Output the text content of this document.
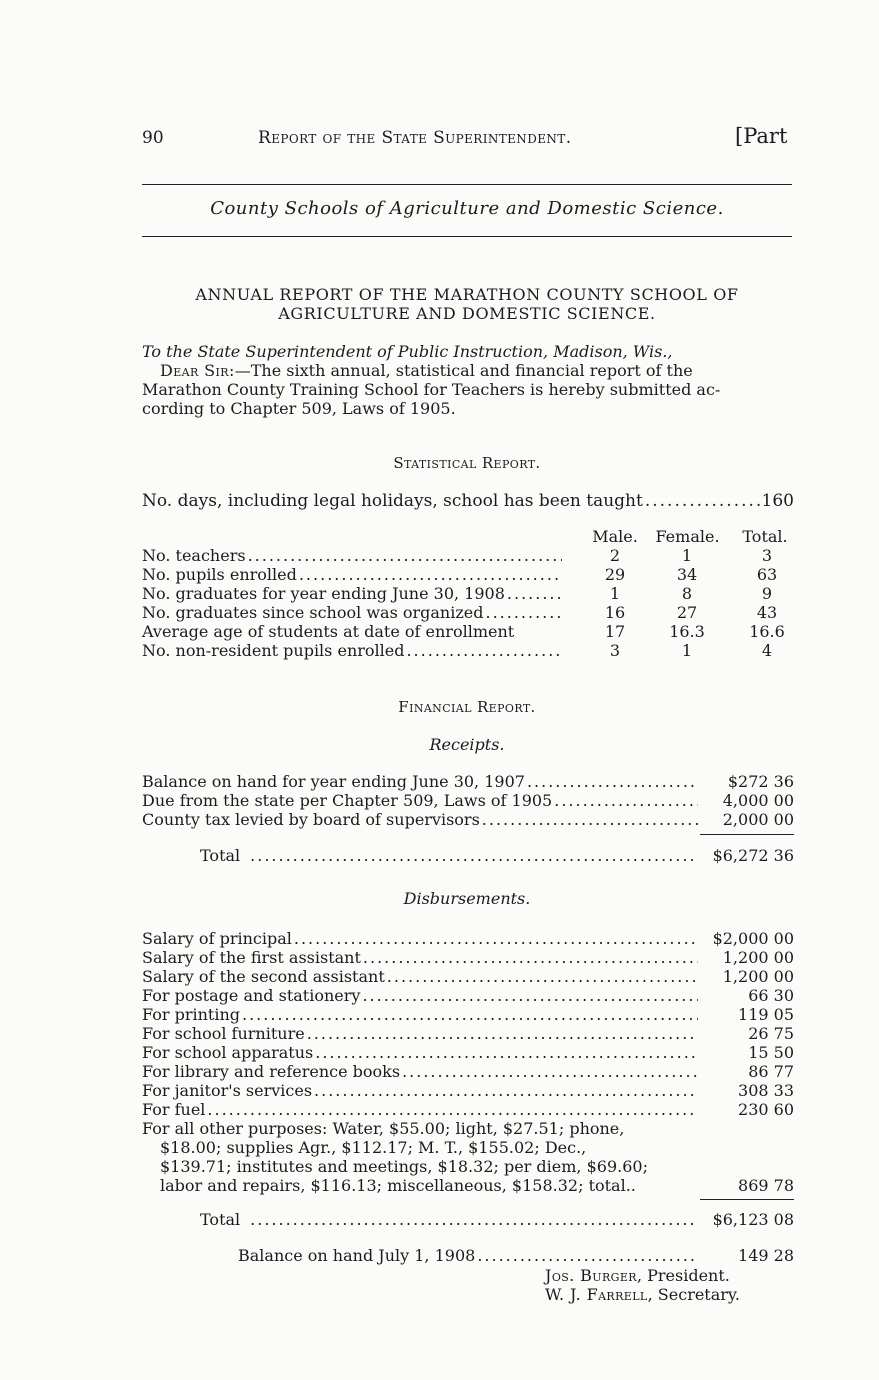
90	Report of the State Superintendent.	[Part
County Schools of Agriculture and Domestic Science.
ANNUAL REPORT OF THE MARATHON COUNTY SCHOOL OF
AGRICULTURE AND DOMESTIC SCIENCE.
To the State Superintendent of Public Instruction, Madison, Wis.,
Dear Sir:—The sixth annual, statistical and financial report of the
Marathon County Training School for Teachers is hereby submitted ac-
cording to Chapter 509, Laws of 1905.
Statistical Report.
No. days, including legal holidays, school has been taught .....	160
Male.	Female.	Total.
No. teachers .....	2	1	3
No. pupils enrolled .....	29	34	63
No. graduates for year ending June 30, 1908 .....	1	8	9
No. graduates since school was organized .....	16	27	43
Average age of students at date of enrollment	17	16.3	16.6
No. non-resident pupils enrolled .....	3	1	4
Financial Report.
Receipts.
Balance on hand for year ending June 30, 1907 .....	$272 36
Due from the state per Chapter 509, Laws of 1905 .....	4,000 00
County tax levied by board of supervisors .....	2,000 00
Total .....	$6,272 36
Disbursements.
Salary of principal .....	$2,000 00
Salary of the first assistant .....	1,200 00
Salary of the second assistant .....	1,200 00
For postage and stationery .....	66 30
For printing .....	119 05
For school furniture .....	26 75
For school apparatus .....	15 50
For library and reference books .....	86 77
For janitor's services .....	308 33
For fuel .....	230 60
For all other purposes: Water, $55.00; light, $27.51; phone,
$18.00; supplies Agr., $112.17; M. T., $155.02; Dec.,
$139.71; institutes and meetings, $18.32; per diem, $69.60;
labor and repairs, $116.13; miscellaneous, $158.32; total..	869 78
Total .....	$6,123 08
Balance on hand July 1, 1908 .....	149 28
Jos. Burger, President.
W. J. Farrell, Secretary.
